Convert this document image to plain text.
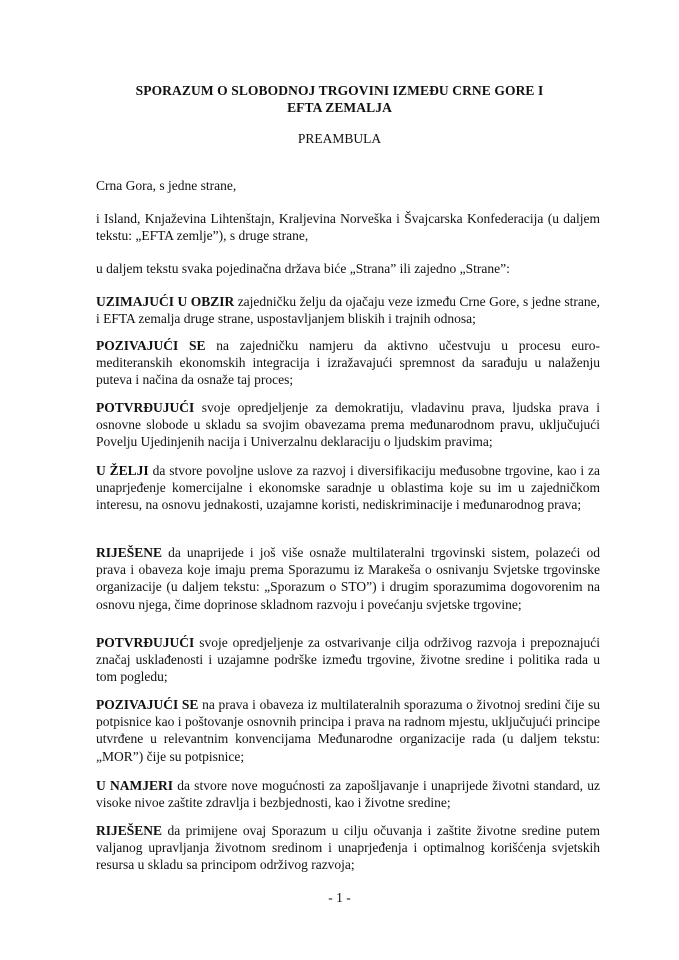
SPORAZUM O SLOBODNOJ TRGOVINI IZMEĐU CRNE GORE I
EFTA ZEMALJA
PREAMBULA

Crna Gora, s jedne strane,

i Island, Knjaževina Lihtenštajn, Kraljevina Norveška i Švajcarska Konfederacija (u daljem tekstu: „EFTA zemlje”), s druge strane,

u daljem tekstu svaka pojedinačna država biće „Strana” ili zajedno „Strane”:

UZIMAJUĆI U OBZIR zajedničku želju da ojačaju veze između Crne Gore, s jedne strane, i EFTA zemalja druge strane, uspostavljanjem bliskih i trajnih odnosa;

POZIVAJUĆI SE na zajedničku namjeru da aktivno učestvuju u procesu euro-mediteranskih ekonomskih integracija i izražavajući spremnost da sarađuju u nalaženju puteva i načina da osnaže taj proces;

POTVRĐUJUĆI svoje opredjeljenje za demokratiju, vladavinu prava, ljudska prava i osnovne slobode u skladu sa svojim obavezama prema međunarodnom pravu, uključujući Povelju Ujedinjenih nacija i Univerzalnu deklaraciju o ljudskim pravima;

U ŽELJI da stvore povoljne uslove za razvoj i diversifikaciju međusobne trgovine, kao i za unaprjeđenje komercijalne i ekonomske saradnje u oblastima koje su im u zajedničkom interesu, na osnovu jednakosti, uzajamne koristi, nediskriminacije i međunarodnog prava;

RIJEŠENE da unaprijede i još više osnaže multilateralni trgovinski sistem, polazeći od prava i obaveza koje imaju prema Sporazumu iz Marakeša o osnivanju Svjetske trgovinske organizacije (u daljem tekstu: „Sporazum o STO”) i drugim sporazumima dogovorenim na osnovu njega, čime doprinose skladnom razvoju i povećanju svjetske trgovine;

POTVRĐUJUĆI svoje opredjeljenje za ostvarivanje cilja održivog razvoja i prepoznajući značaj usklađenosti i uzajamne podrške između trgovine, životne sredine i politika rada u tom pogledu;

POZIVAJUĆI SE na prava i obaveza iz multilateralnih sporazuma o životnoj sredini čije su potpisnice kao i poštovanje osnovnih principa i prava na radnom mjestu, uključujući principe utvrđene u relevantnim konvencijama Međunarodne organizacije rada (u daljem tekstu: „MOR”) čije su potpisnice;

U NAMJERI da stvore nove mogućnosti za zapošljavanje i unaprijede životni standard, uz visoke nivoe zaštite zdravlja i bezbjednosti, kao i životne sredine;

RIJEŠENE da primijene ovaj Sporazum u cilju očuvanja i zaštite životne sredine putem valjanog upravljanja životnom sredinom i unaprjeđenja i optimalnog korišćenja svjetskih resursa u skladu sa principom održivog razvoja;

- 1 -
